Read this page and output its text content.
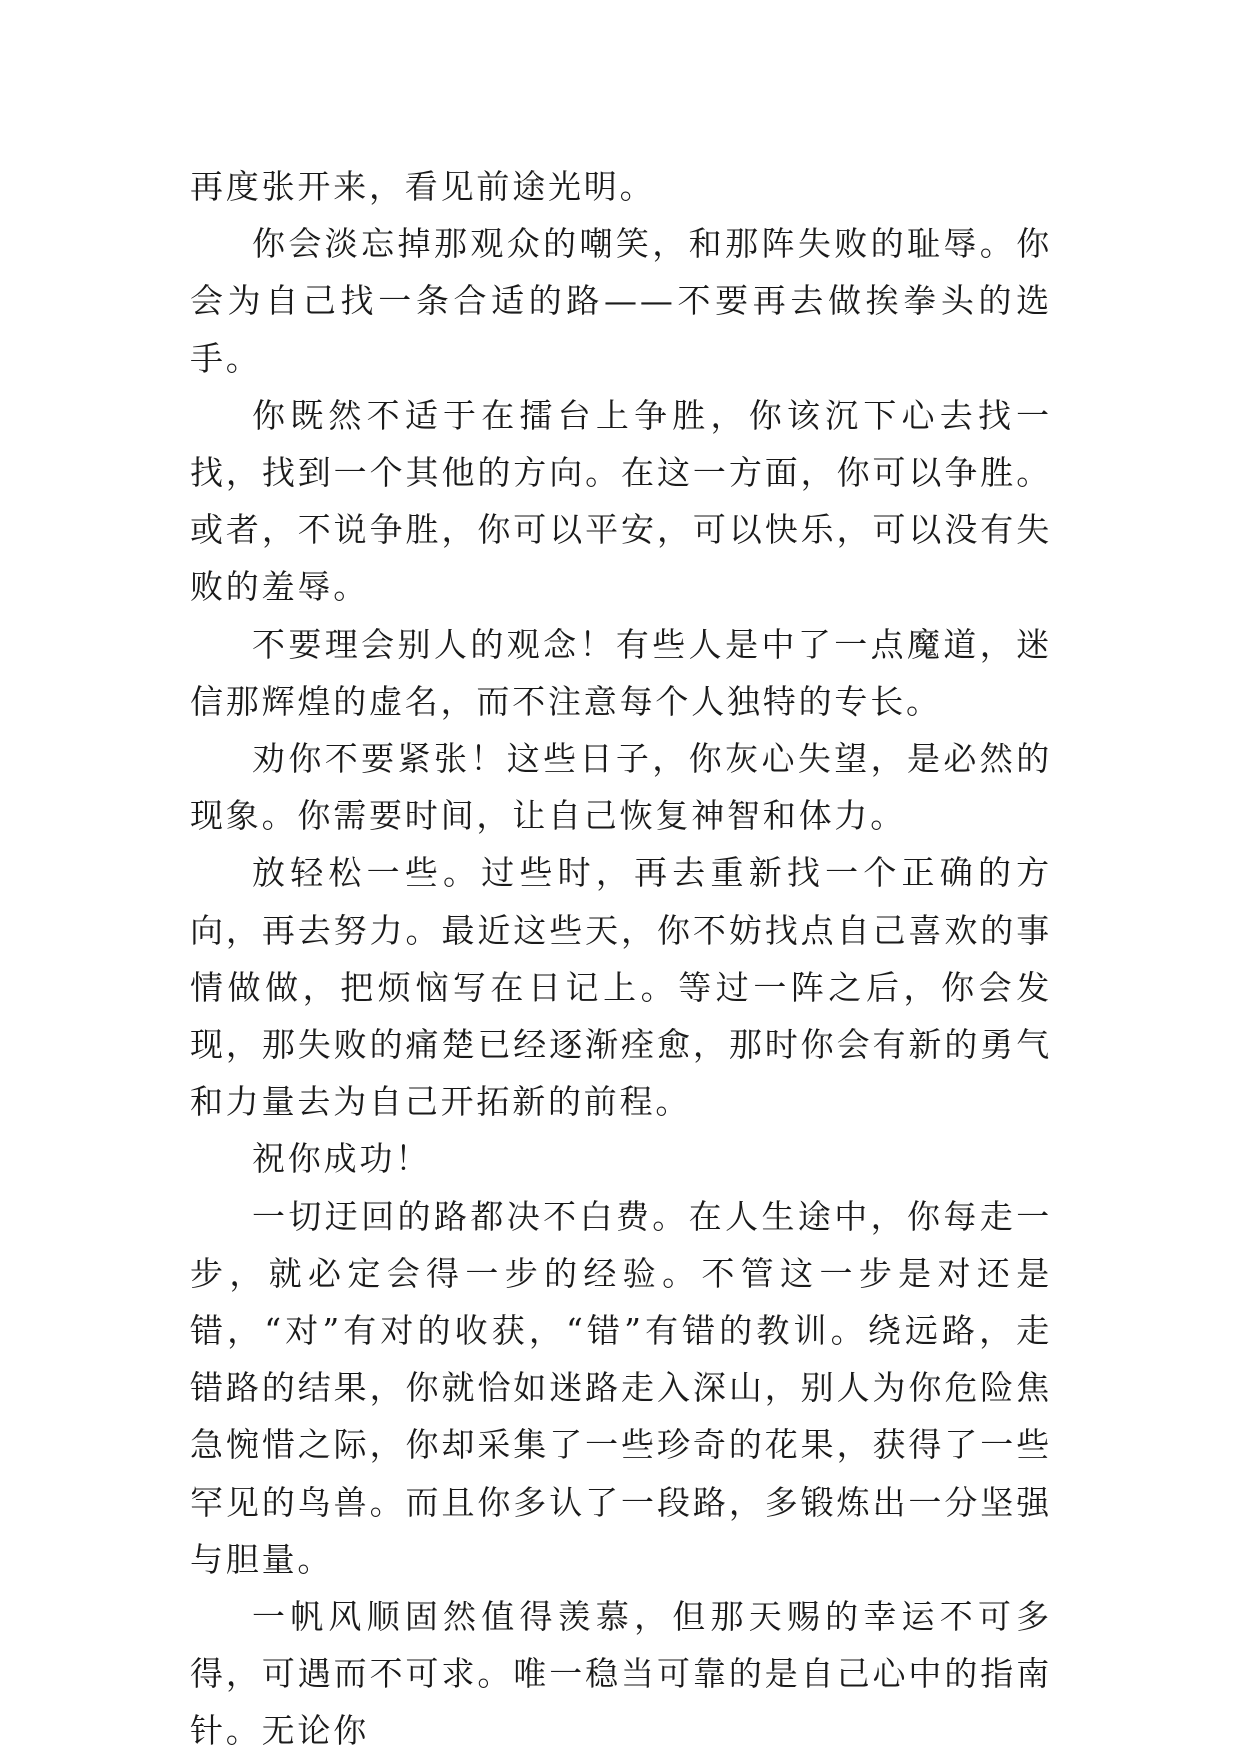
再度张开来，看见前途光明。

你会淡忘掉那观众的嘲笑，和那阵失败的耻辱。你会为自己找一条合适的路——不要再去做挨拳头的选手。

你既然不适于在擂台上争胜，你该沉下心去找一找，找到一个其他的方向。在这一方面，你可以争胜。或者，不说争胜，你可以平安，可以快乐，可以没有失败的羞辱。

不要理会别人的观念！有些人是中了一点魔道，迷信那辉煌的虚名，而不注意每个人独特的专长。

劝你不要紧张！这些日子，你灰心失望，是必然的现象。你需要时间，让自己恢复神智和体力。

放轻松一些。过些时，再去重新找一个正确的方向，再去努力。最近这些天，你不妨找点自己喜欢的事情做做，把烦恼写在日记上。等过一阵之后，你会发现，那失败的痛楚已经逐渐痊愈，那时你会有新的勇气和力量去为自己开拓新的前程。

祝你成功！

一切迂回的路都决不白费。在人生途中，你每走一步，就必定会得一步的经验。不管这一步是对还是错，“对”有对的收获，“错”有错的教训。绕远路，走错路的结果，你就恰如迷路走入深山，别人为你危险焦急惋惜之际，你却采集了一些珍奇的花果，获得了一些罕见的鸟兽。而且你多认了一段路，多锻炼出一分坚强与胆量。

一帆风顺固然值得羡慕，但那天赐的幸运不可多得，可遇而不可求。唯一稳当可靠的是自己心中的指南针。无论你
